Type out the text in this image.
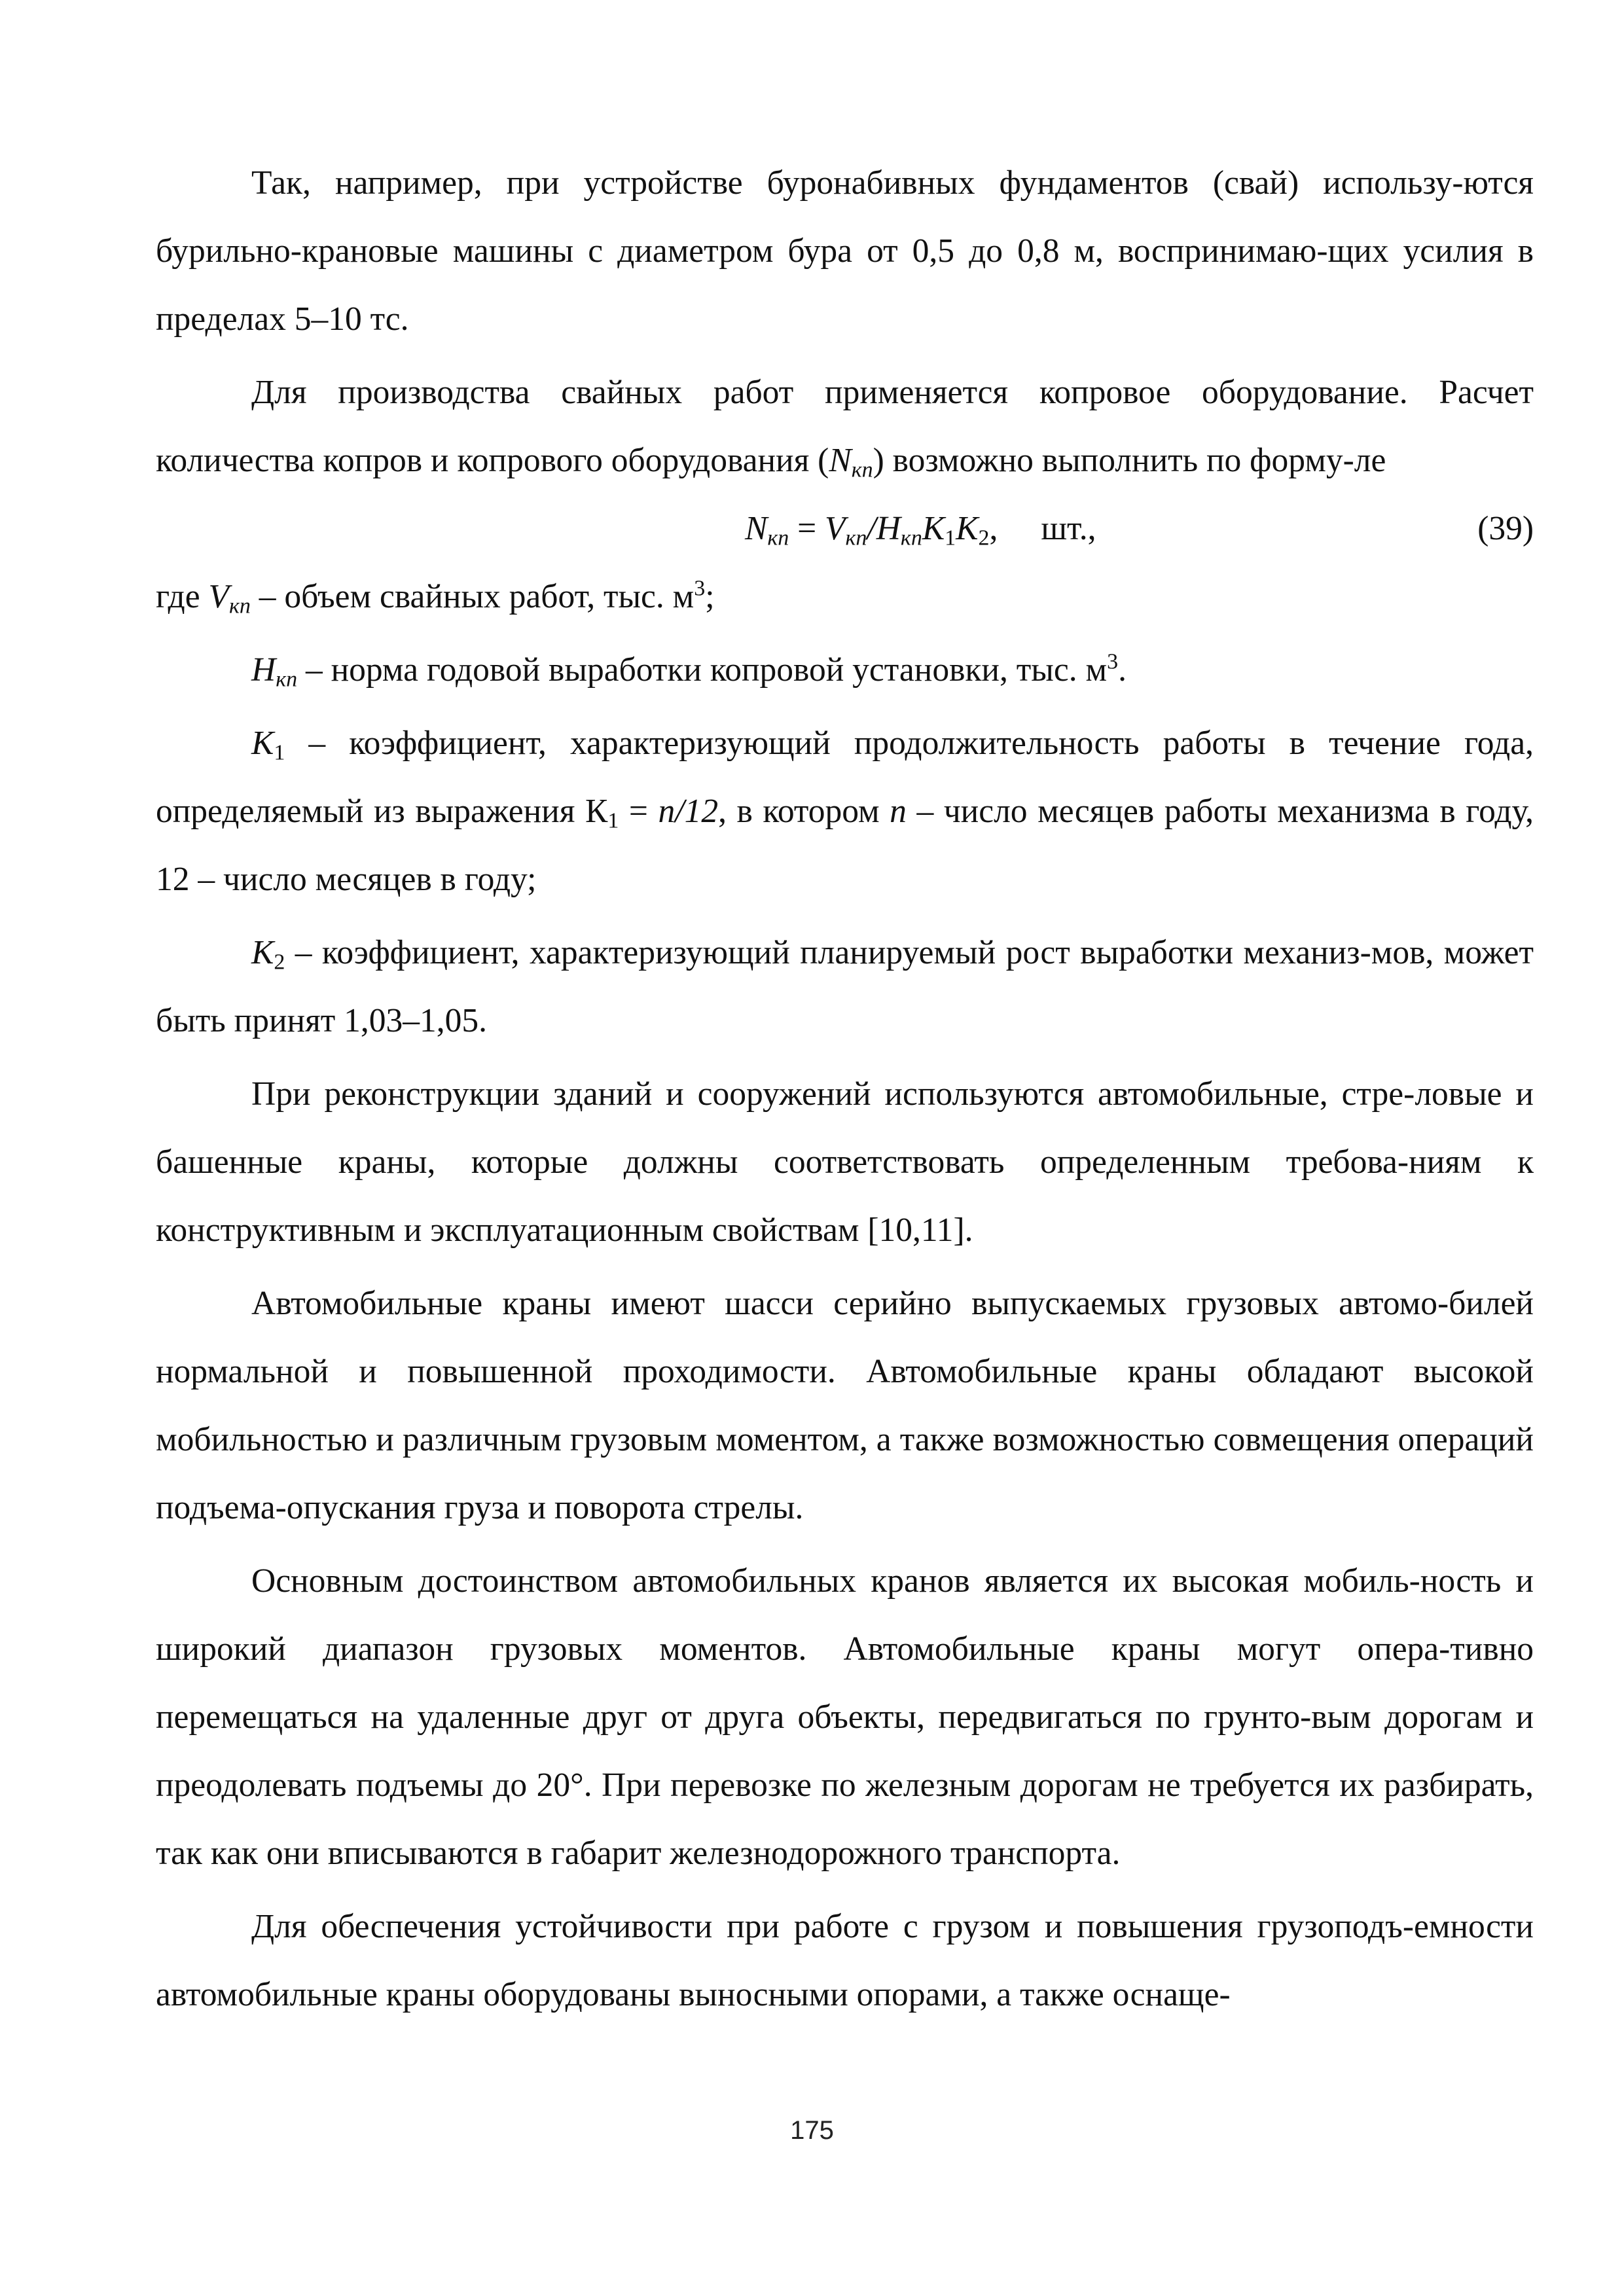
Так, например, при устройстве буронабивных фундаментов (свай) использу-ются бурильно-крановые машины с диаметром бура от 0,5 до 0,8 м, воспринимаю-щих усилия в пределах 5–10 тс.

Для производства свайных работ применяется копровое оборудование. Расчет количества копров и копрового оборудования $(N_{кп})$ возможно выполнить по форму-ле

$N_{кп} = V_{кп}/H_{кп}K_1K_2$, шт.,	(39)

где $V_{кп}$ – объем свайных работ, тыс. $м^3$;

$H_{кп}$ – норма годовой выработки копровой установки, тыс. $м^3$.

$K_1$ – коэффициент, характеризующий продолжительность работы в течение года, определяемый из выражения $К_1 = n/12$, в котором n – число месяцев работы механизма в году, 12 – число месяцев в году;

$K_2$ – коэффициент, характеризующий планируемый рост выработки механиз-мов, может быть принят 1,03–1,05.

При реконструкции зданий и сооружений используются автомобильные, стре-ловые и башенные краны, которые должны соответствовать определенным требова-ниям к конструктивным и эксплуатационным свойствам [10,11].

Автомобильные краны имеют шасси серийно выпускаемых грузовых автомо-билей нормальной и повышенной проходимости. Автомобильные краны обладают высокой мобильностью и различным грузовым моментом, а также возможностью совмещения операций подъема-опускания груза и поворота стрелы.

Основным достоинством автомобильных кранов является их высокая мобиль-ность и широкий диапазон грузовых моментов. Автомобильные краны могут опера-тивно перемещаться на удаленные друг от друга объекты, передвигаться по грунто-вым дорогам и преодолевать подъемы до 20°. При перевозке по железным дорогам не требуется их разбирать, так как они вписываются в габарит железнодорожного транспорта.

Для обеспечения устойчивости при работе с грузом и повышения грузоподъ-емности автомобильные краны оборудованы выносными опорами, а также оснаще-

175
